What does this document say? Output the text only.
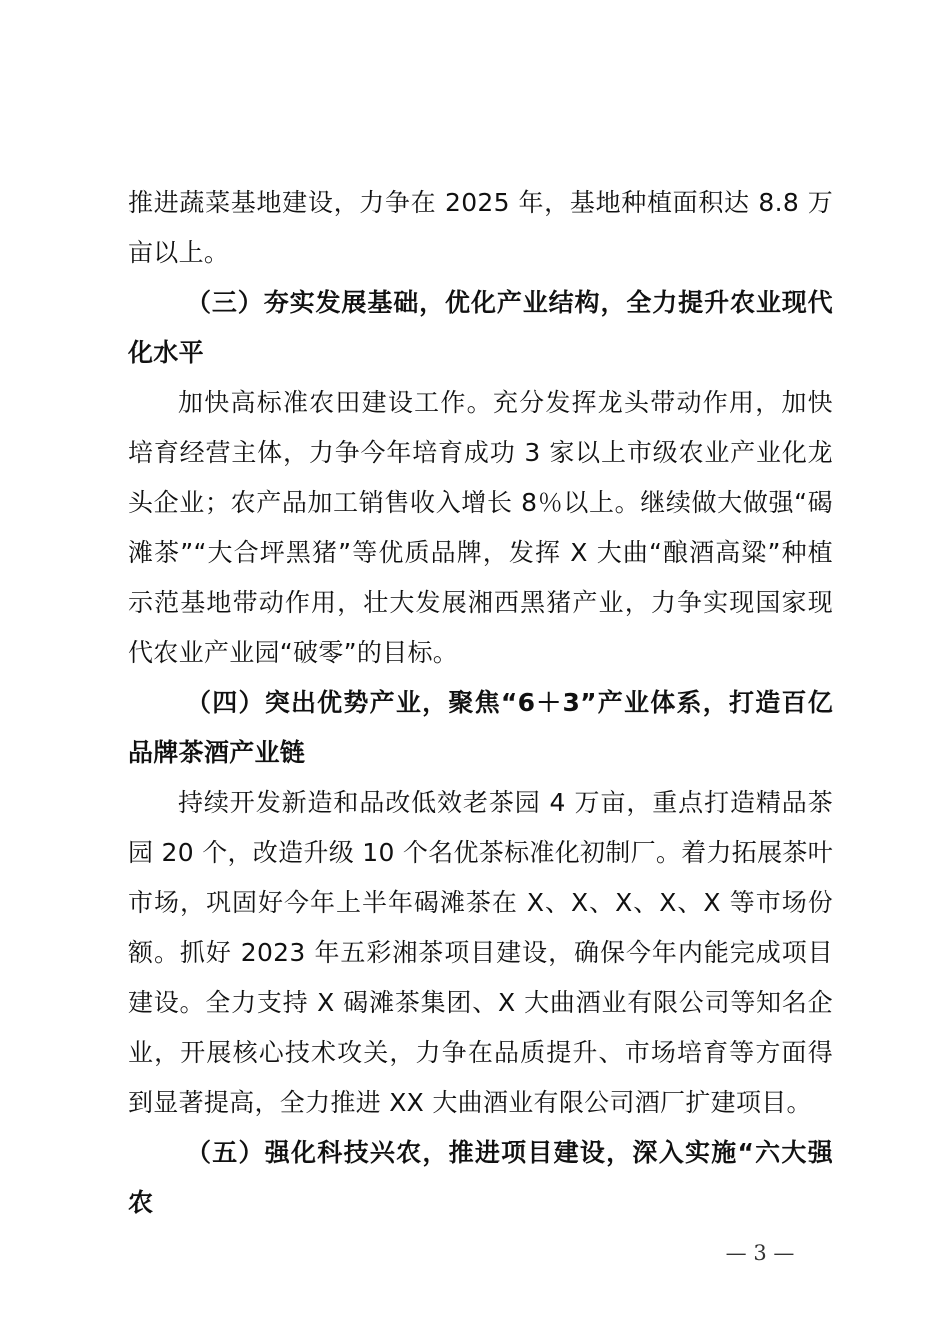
推进蔬菜基地建设，力争在 2025 年，基地种植面积达 8.8 万亩以上。

（三）夯实发展基础，优化产业结构，全力提升农业现代化水平

加快高标准农田建设工作。充分发挥龙头带动作用，加快培育经营主体，力争今年培育成功 3 家以上市级农业产业化龙头企业；农产品加工销售收入增长 8％以上。继续做大做强“碣滩茶”“大合坪黑猪”等优质品牌，发挥 X 大曲“酿酒高粱”种植示范基地带动作用，壮大发展湘西黑猪产业，力争实现国家现代农业产业园“破零”的目标。

（四）突出优势产业，聚焦“6＋3”产业体系，打造百亿品牌茶酒产业链

持续开发新造和品改低效老茶园 4 万亩，重点打造精品茶园 20 个，改造升级 10 个名优茶标准化初制厂。着力拓展茶叶市场，巩固好今年上半年碣滩茶在 X、X、X、X、X 等市场份额。抓好 2023 年五彩湘茶项目建设，确保今年内能完成项目建设。全力支持 X 碣滩茶集团、X 大曲酒业有限公司等知名企业，开展核心技术攻关，力争在品质提升、市场培育等方面得到显著提高，全力推进 XX 大曲酒业有限公司酒厂扩建项目。

（五）强化科技兴农，推进项目建设，深入实施“六大强农

— 3 —
